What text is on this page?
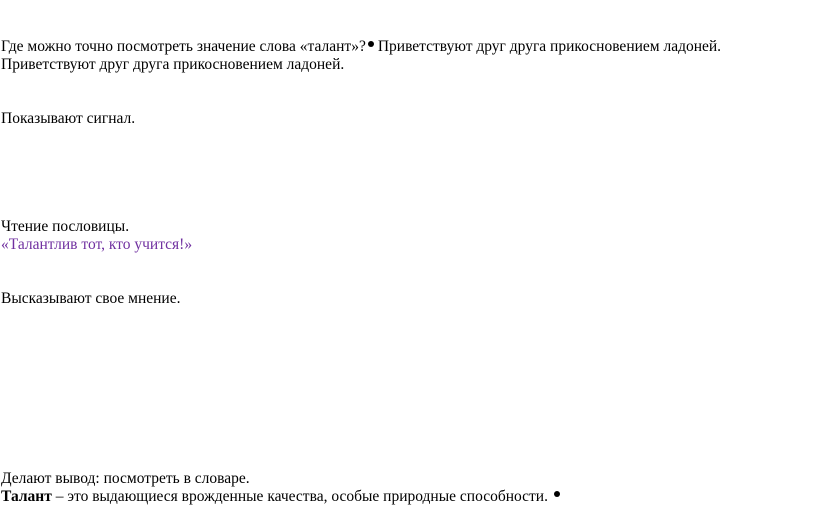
Где можно точно посмотреть значение слова «талант»? Приветствуют друг друга прикосновением ладоней.
Приветствуют друг друга прикосновением ладоней.
Показывают сигнал.
Чтение пословицы.
«Талантлив тот, кто учится!»
Высказывают свое мнение.
Делают вывод: посмотреть в словаре.
Талант – это выдающиеся врожденные качества, особые природные способности.
